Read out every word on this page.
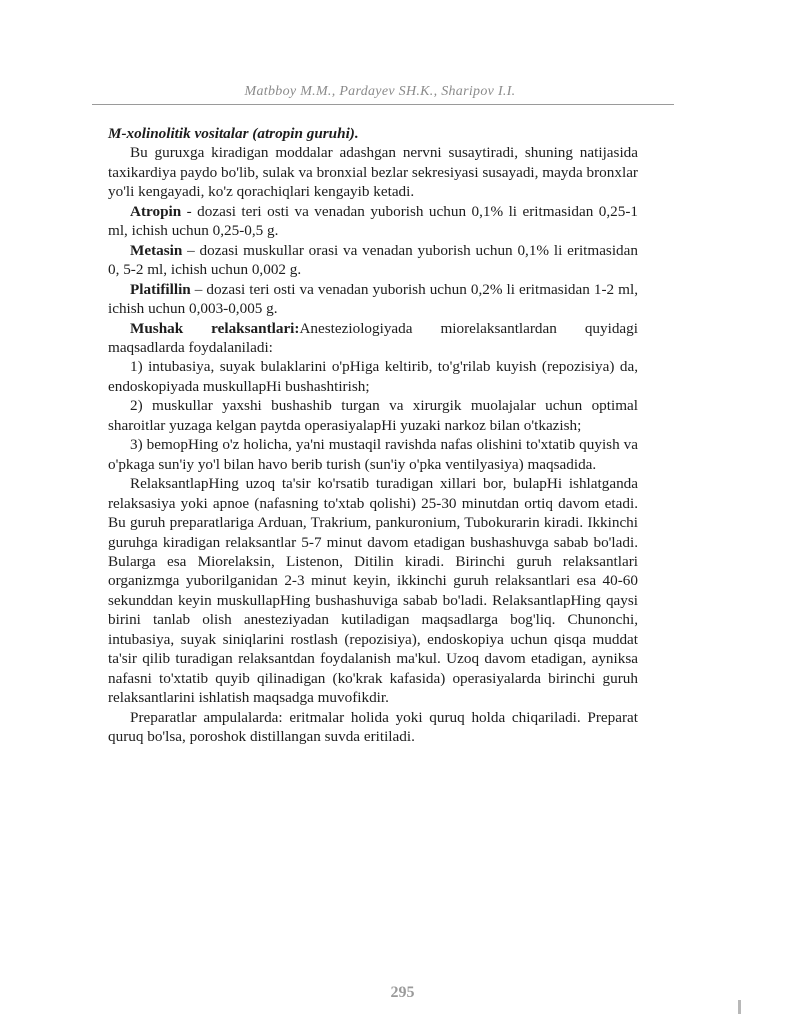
Matbboy M.M., Pardayev SH.K., Sharipov I.I.

M-xolinolitik vositalar (atropin guruhi).

Bu guruxga kiradigan moddalar adashgan nervni susaytiradi, shuning natijasida taxikardiya paydo bo'lib, sulak va bronxial bezlar sekresiyasi susayadi, mayda bronxlar yo'li kengayadi, ko'z qorachiqlari kengayib ketadi.

Atropin - dozasi teri osti va venadan yuborish uchun 0,1% li eritmasidan 0,25-1 ml, ichish uchun 0,25-0,5 g.

Metasin – dozasi muskullar orasi va venadan yuborish uchun 0,1% li eritmasidan 0, 5-2 ml, ichish uchun 0,002 g.

Platifillin – dozasi teri osti va venadan yuborish uchun 0,2% li eritmasidan 1-2 ml, ichish uchun 0,003-0,005 g.

Mushak relaksantlari:Anesteziologiyada miorelaksantlardan quyidagi maqsadlarda foydalaniladi:

1) intubasiya, suyak bulaklarini o'pHiga keltirib, to'g'rilab kuyish (repozisiya) da, endoskopiyada muskullapHi bushashtirish;

2) muskullar yaxshi bushashib turgan va xirurgik muolajalar uchun optimal sharoitlar yuzaga kelgan paytda operasiyalapHi yuzaki narkoz bilan o'tkazish;

3) bemopHing o'z holicha, ya'ni mustaqil ravishda nafas olishini to'xtatib quyish va o'pkaga sun'iy yo'l bilan havo berib turish (sun'iy o'pka ventilyasiya) maqsadida.

RelaksantlapHing uzoq ta'sir ko'rsatib turadigan xillari bor, bulapHi ishlatganda relaksasiya yoki apnoe (nafasning to'xtab qolishi) 25-30 minutdan ortiq davom etadi. Bu guruh preparatlariga Arduan, Trakrium, pankuronium, Tubokurarin kiradi. Ikkinchi guruhga kiradigan relaksantlar 5-7 minut davom etadigan bushashuvga sabab bo'ladi. Bularga esa Miorelaksin, Listenon, Ditilin kiradi. Birinchi guruh relaksantlari organizmga yuborilganidan 2-3 minut keyin, ikkinchi guruh relaksantlari esa 40-60 sekunddan keyin muskullapHing bushashuviga sabab bo'ladi. RelaksantlapHing qaysi birini tanlab olish anesteziyadan kutiladigan maqsadlarga bog'liq. Chunonchi, intubasiya, suyak siniqlarini rostlash (repozisiya), endoskopiya uchun qisqa muddat ta'sir qilib turadigan relaksantdan foydalanish ma'kul. Uzoq davom etadigan, ayniksa nafasni to'xtatib quyib qilinadigan (ko'krak kafasida) operasiyalarda birinchi guruh relaksantlarini ishlatish maqsadga muvofikdir.

Preparatlar ampulalarda: eritmalar holida yoki quruq holda chiqariladi. Preparat quruq bo'lsa, poroshok distillangan suvda eritiladi.

295
